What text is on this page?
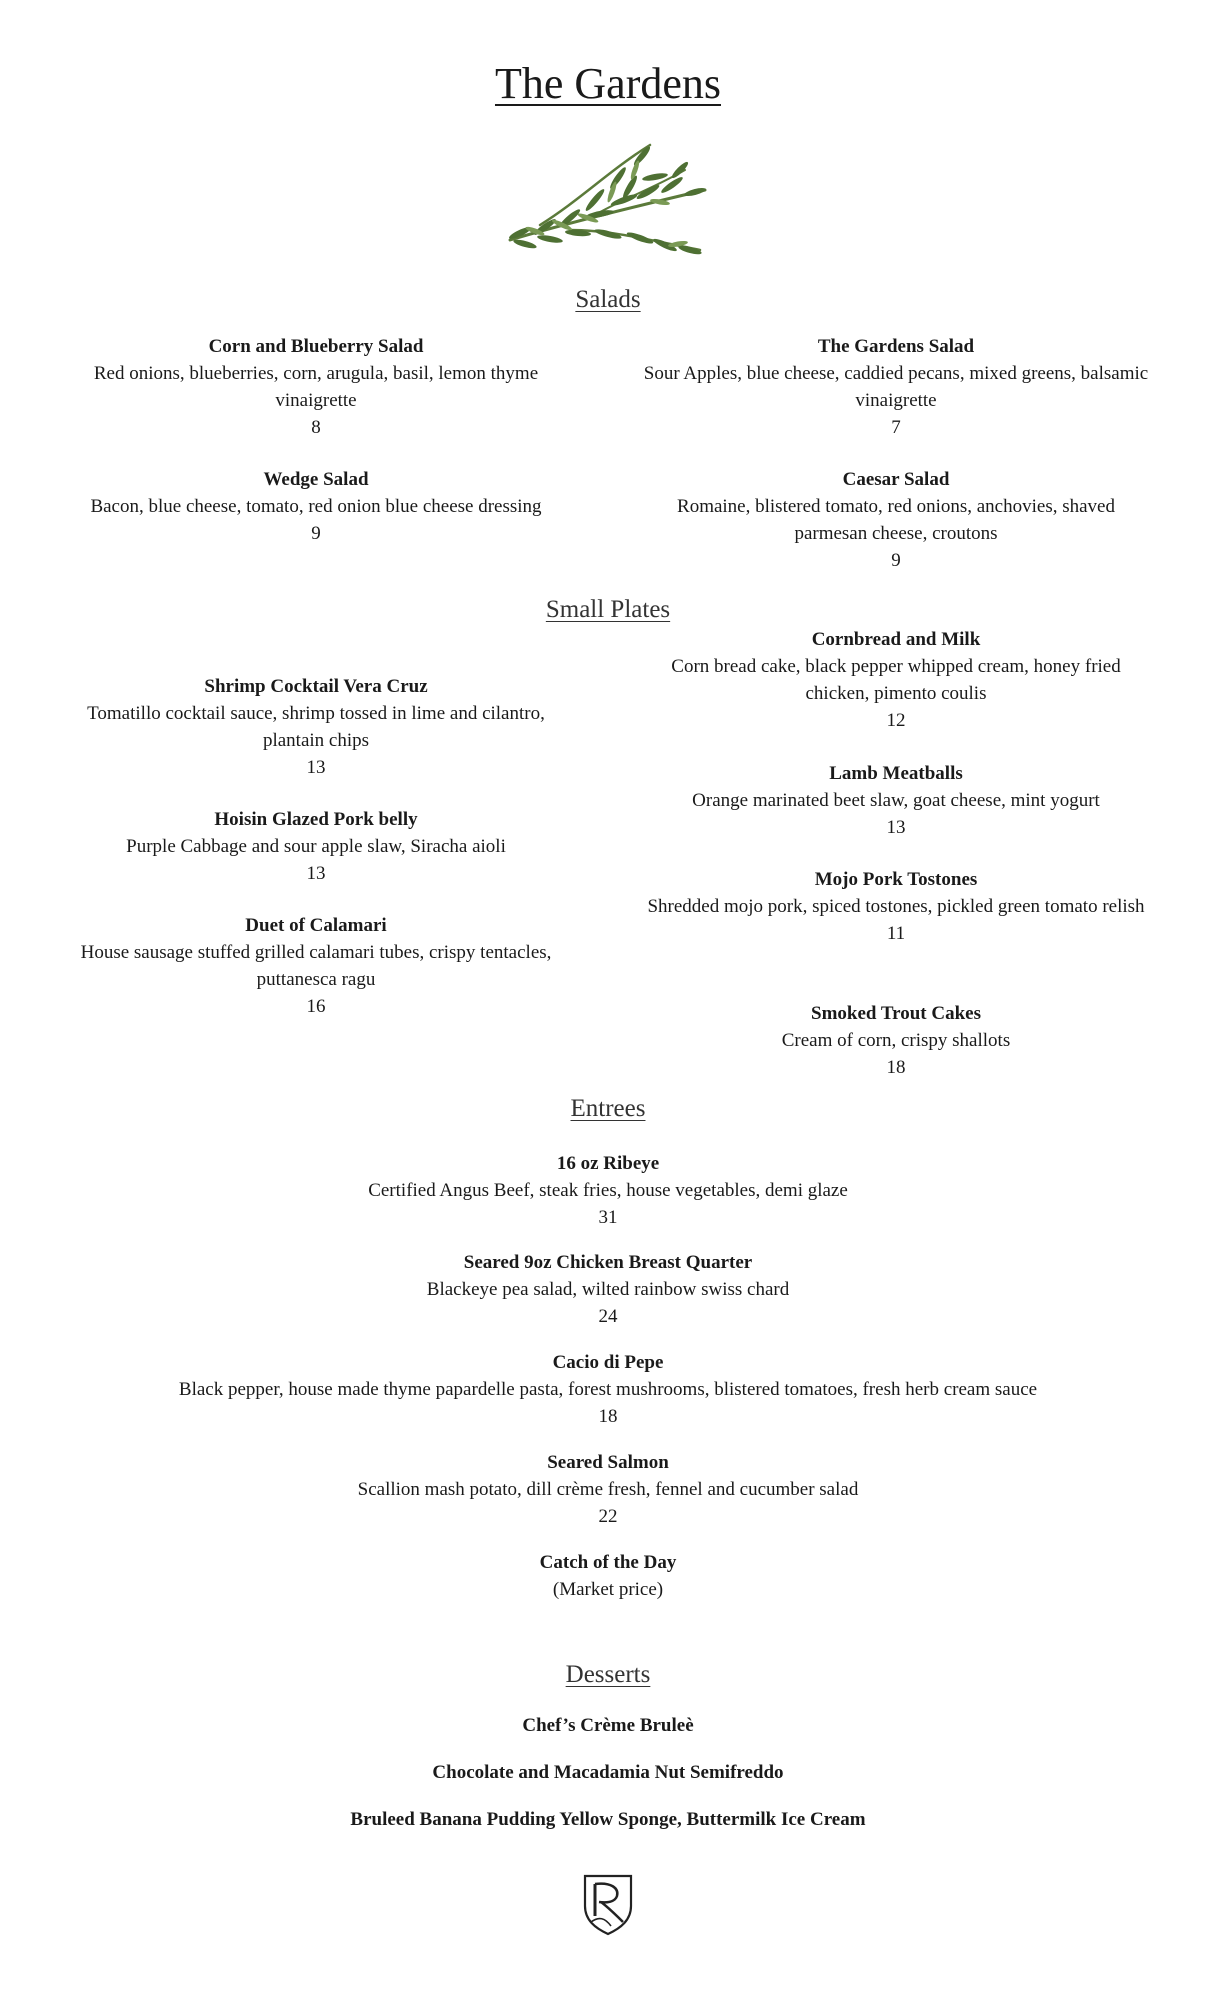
The Gardens
Salads
Corn and Blueberry Salad
Red onions, blueberries, corn, arugula, basil, lemon thyme vinaigrette
8
The Gardens Salad
Sour Apples, blue cheese, caddied pecans, mixed greens, balsamic vinaigrette
7
Wedge Salad
Bacon, blue cheese, tomato, red onion blue cheese dressing
9
Caesar Salad
Romaine, blistered tomato, red onions, anchovies, shaved parmesan cheese, croutons
9
Small Plates
Shrimp Cocktail Vera Cruz
Tomatillo cocktail sauce, shrimp tossed in lime and cilantro, plantain chips
13
Hoisin Glazed Pork belly
Purple Cabbage and sour apple slaw, Siracha aioli
13
Duet of Calamari
House sausage stuffed grilled calamari tubes, crispy tentacles, puttanesca ragu
16
Cornbread and Milk
Corn bread cake, black pepper whipped cream, honey fried chicken, pimento coulis
12
Lamb Meatballs
Orange marinated beet slaw, goat cheese, mint yogurt
13
Mojo Pork Tostones
Shredded mojo pork, spiced tostones, pickled green tomato relish
11
Smoked Trout Cakes
Cream of corn, crispy shallots
18
Entrees
16 oz Ribeye
Certified Angus Beef, steak fries, house vegetables, demi glaze
31
Seared 9oz Chicken Breast Quarter
Blackeye pea salad, wilted rainbow swiss chard
24
Cacio di Pepe
Black pepper, house made thyme papardelle pasta, forest mushrooms, blistered tomatoes, fresh herb cream sauce
18
Seared Salmon
Scallion mash potato, dill crème fresh, fennel and cucumber salad
22
Catch of the Day
(Market price)
Desserts
Chef’s Crème Bruleè
Chocolate and Macadamia Nut Semifreddo
Bruleed Banana Pudding Yellow Sponge, Buttermilk Ice Cream
